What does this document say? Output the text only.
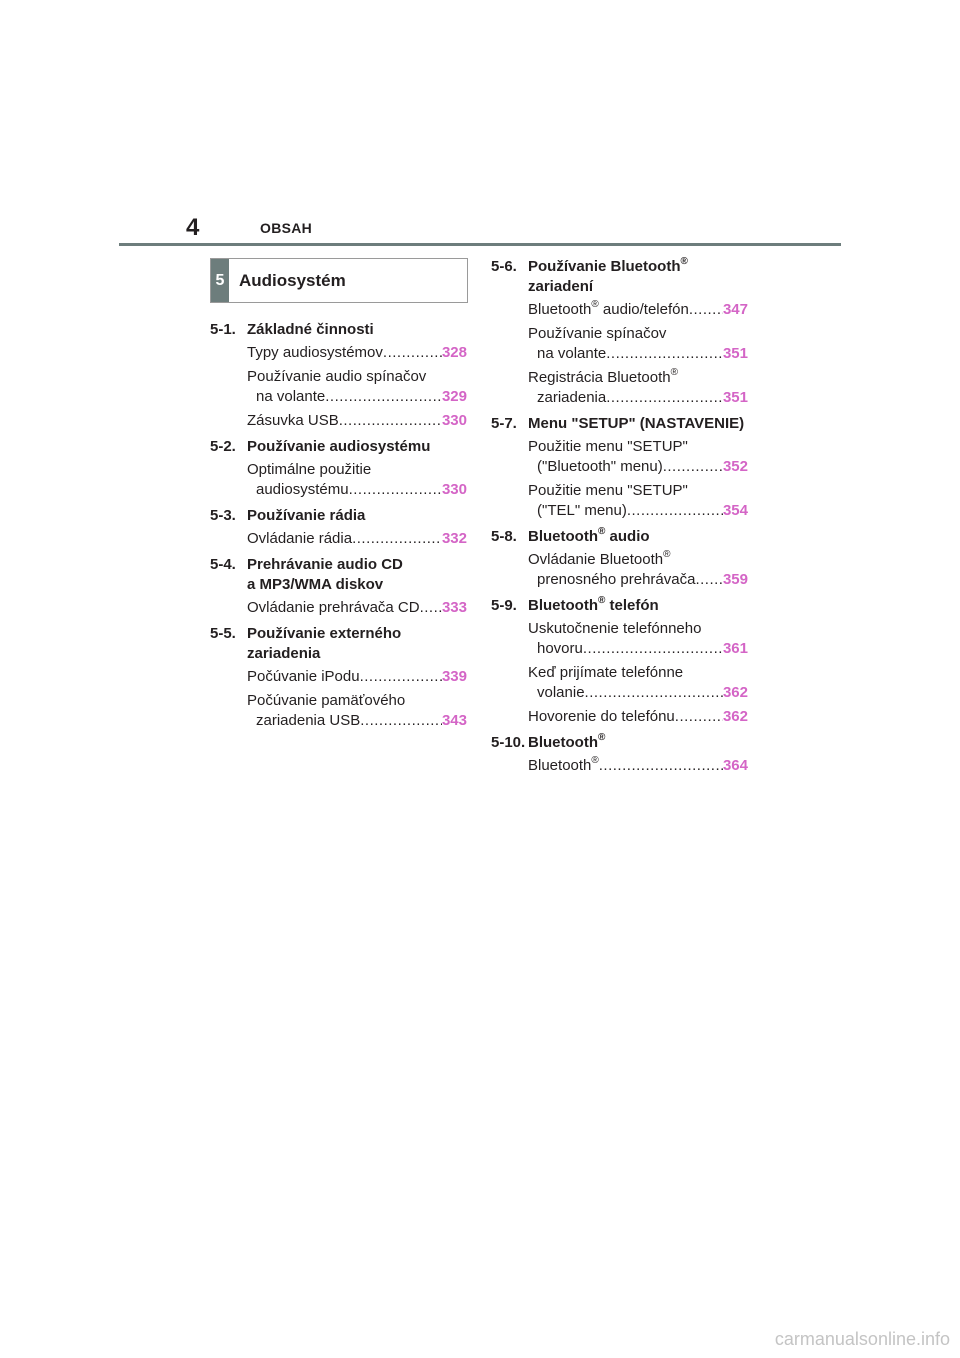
4	OBSAH
5 Audiosystém
5-1. Základné činnosti
Typy audiosystémov .....	328
Používanie audio spínačov
na volante .....	329
Zásuvka USB .....	330
5-2. Používanie audiosystému
Optimálne použitie
audiosystému .....	330
5-3. Používanie rádia
Ovládanie rádia .....	332
5-4. Prehrávanie audio CD
a MP3/WMA diskov
Ovládanie prehrávača CD ..... 333
5-5. Používanie externého
zariadenia
Počúvanie iPodu .....	339
Počúvanie pamäťového
zariadenia USB .....	343
5-6. Používanie Bluetooth®
zariadení
Bluetooth® audio/telefón ..... 347
Používanie spínačov
na volante .....	351
Registrácia Bluetooth®
zariadenia .....	351
5-7. Menu "SETUP" (NASTAVENIE)
Použitie menu "SETUP"
("Bluetooth" menu) .....	352
Použitie menu "SETUP"
("TEL" menu) .....	354
5-8. Bluetooth® audio
Ovládanie Bluetooth®
prenosného prehrávača ..... 359
5-9. Bluetooth® telefón
Uskutočnenie telefónneho
hovoru .....	361
Keď prijímate telefónne
volanie .....	362
Hovorenie do telefónu .....	362
5-10. Bluetooth®
Bluetooth® .....	364
carmanualsonline.info
